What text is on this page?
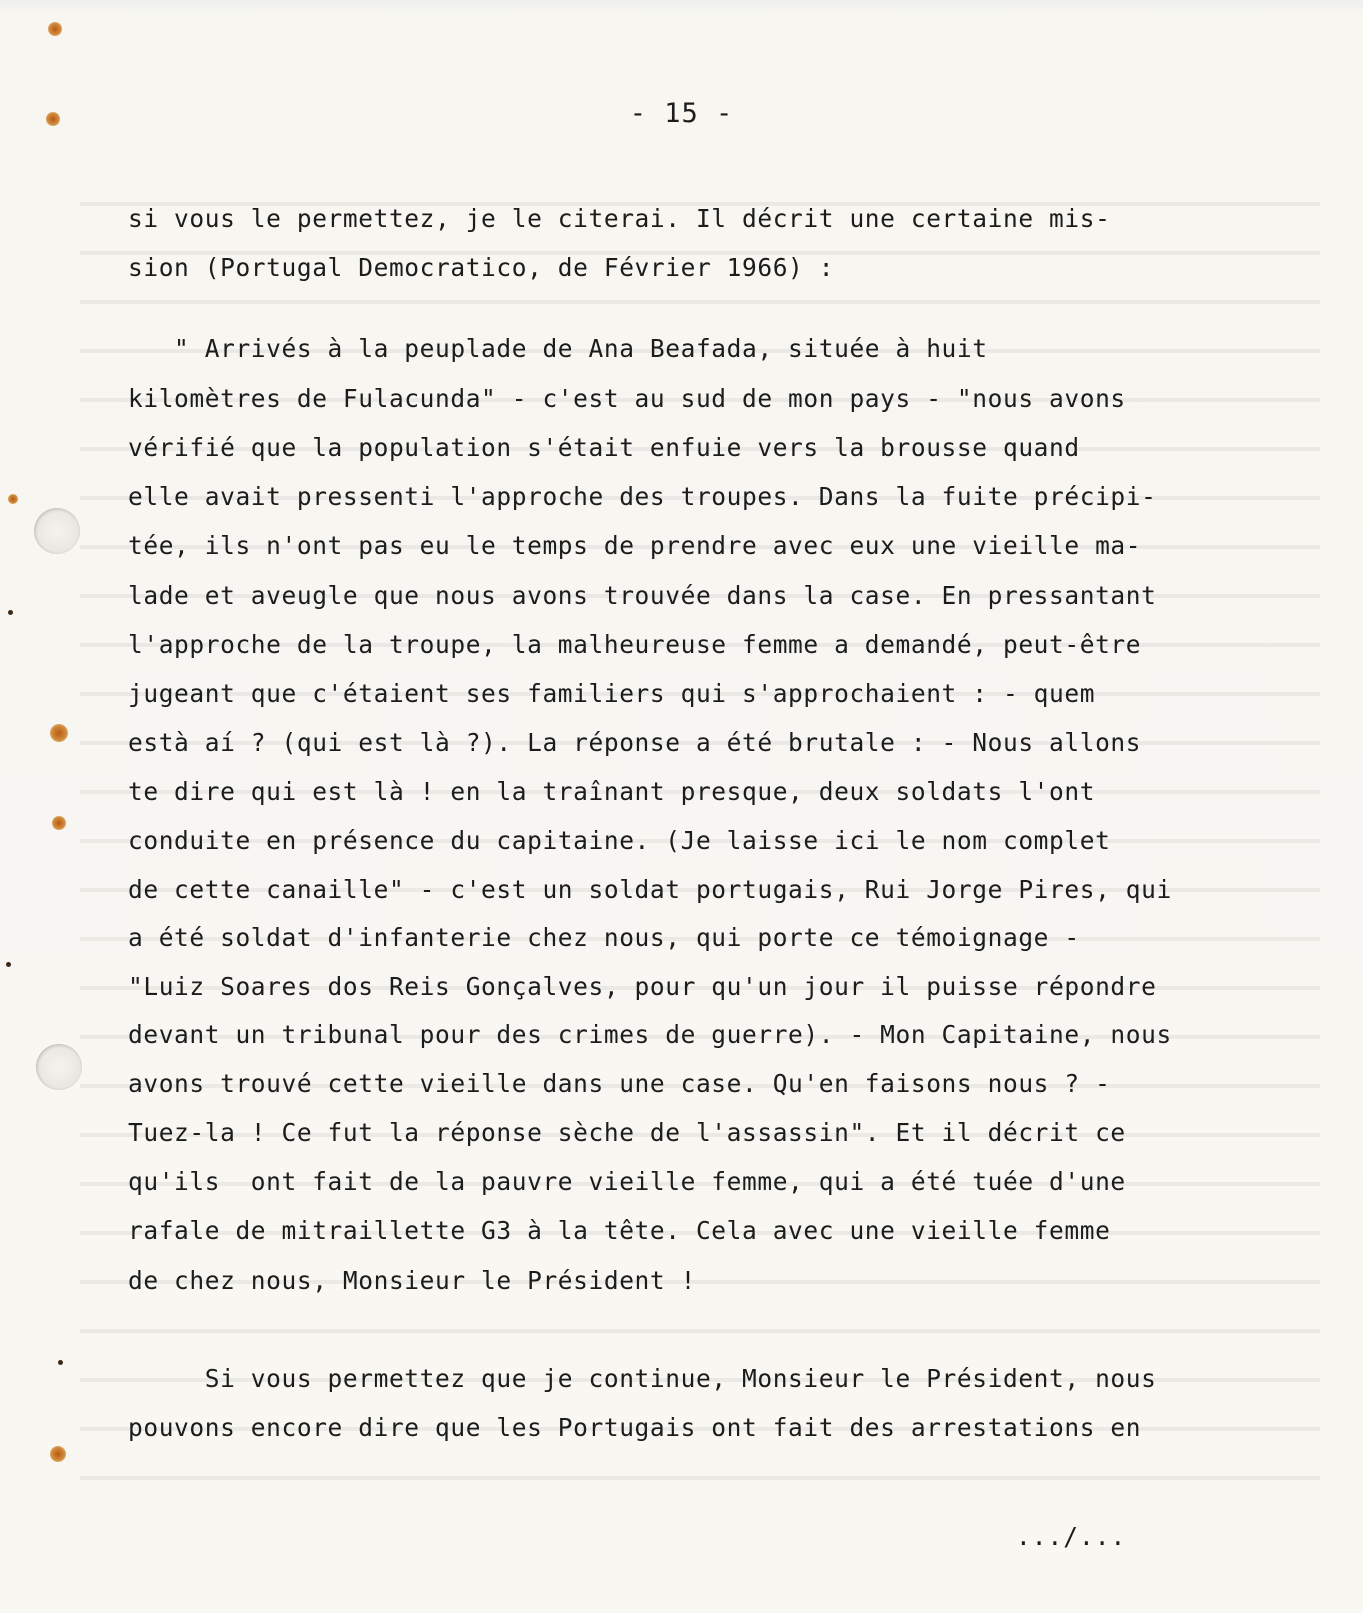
- 15 -
si vous le permettez, je le citerai. Il décrit une certaine mis-
sion (Portugal Democratico, de Février 1966) :
" Arrivés à la peuplade de Ana Beafada, située à huit
kilomètres de Fulacunda" - c'est au sud de mon pays - "nous avons
vérifié que la population s'était enfuie vers la brousse quand
elle avait pressenti l'approche des troupes. Dans la fuite précipi-
tée, ils n'ont pas eu le temps de prendre avec eux une vieille ma-
lade et aveugle que nous avons trouvée dans la case. En pressantant
l'approche de la troupe, la malheureuse femme a demandé, peut-être
jugeant que c'étaient ses familiers qui s'approchaient : - quem
està aí ? (qui est là ?). La réponse a été brutale : - Nous allons
te dire qui est là ! en la traînant presque, deux soldats l'ont
conduite en présence du capitaine. (Je laisse ici le nom complet
de cette canaille" - c'est un soldat portugais, Rui Jorge Pires, qui
a été soldat d'infanterie chez nous, qui porte ce témoignage -
"Luiz Soares dos Reis Gonçalves, pour qu'un jour il puisse répondre
devant un tribunal pour des crimes de guerre). - Mon Capitaine, nous
avons trouvé cette vieille dans une case. Qu'en faisons nous ? -
Tuez-la ! Ce fut la réponse sèche de l'assassin". Et il décrit ce
qu'ils  ont fait de la pauvre vieille femme, qui a été tuée d'une
rafale de mitraillette G3 à la tête. Cela avec une vieille femme
de chez nous, Monsieur le Président !
Si vous permettez que je continue, Monsieur le Président, nous
pouvons encore dire que les Portugais ont fait des arrestations en
.../...
